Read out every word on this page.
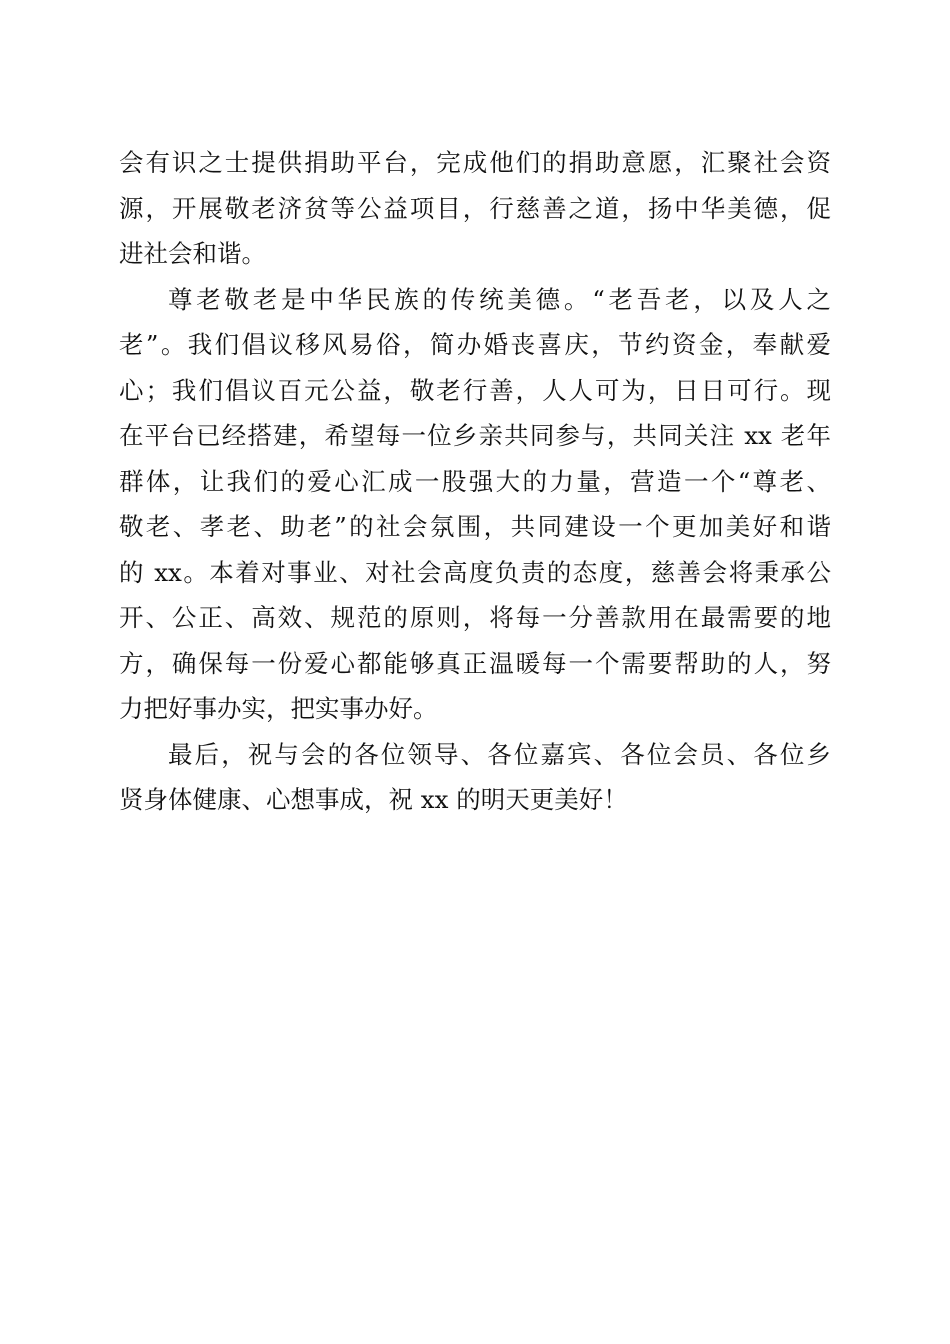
会有识之士提供捐助平台，完成他们的捐助意愿，汇聚社会资
源，开展敬老济贫等公益项目，行慈善之道，扬中华美德，促
进社会和谐。
尊老敬老是中华民族的传统美德。“老吾老，以及人之
老”。我们倡议移风易俗，简办婚丧喜庆，节约资金，奉献爱
心；我们倡议百元公益，敬老行善，人人可为，日日可行。现
在平台已经搭建，希望每一位乡亲共同参与，共同关注 xx 老年
群体，让我们的爱心汇成一股强大的力量，营造一个“尊老、
敬老、孝老、助老”的社会氛围，共同建设一个更加美好和谐
的 xx。本着对事业、对社会高度负责的态度，慈善会将秉承公
开、公正、高效、规范的原则，将每一分善款用在最需要的地
方，确保每一份爱心都能够真正温暖每一个需要帮助的人，努
力把好事办实，把实事办好。
最后，祝与会的各位领导、各位嘉宾、各位会员、各位乡
贤身体健康、心想事成，祝 xx 的明天更美好！
